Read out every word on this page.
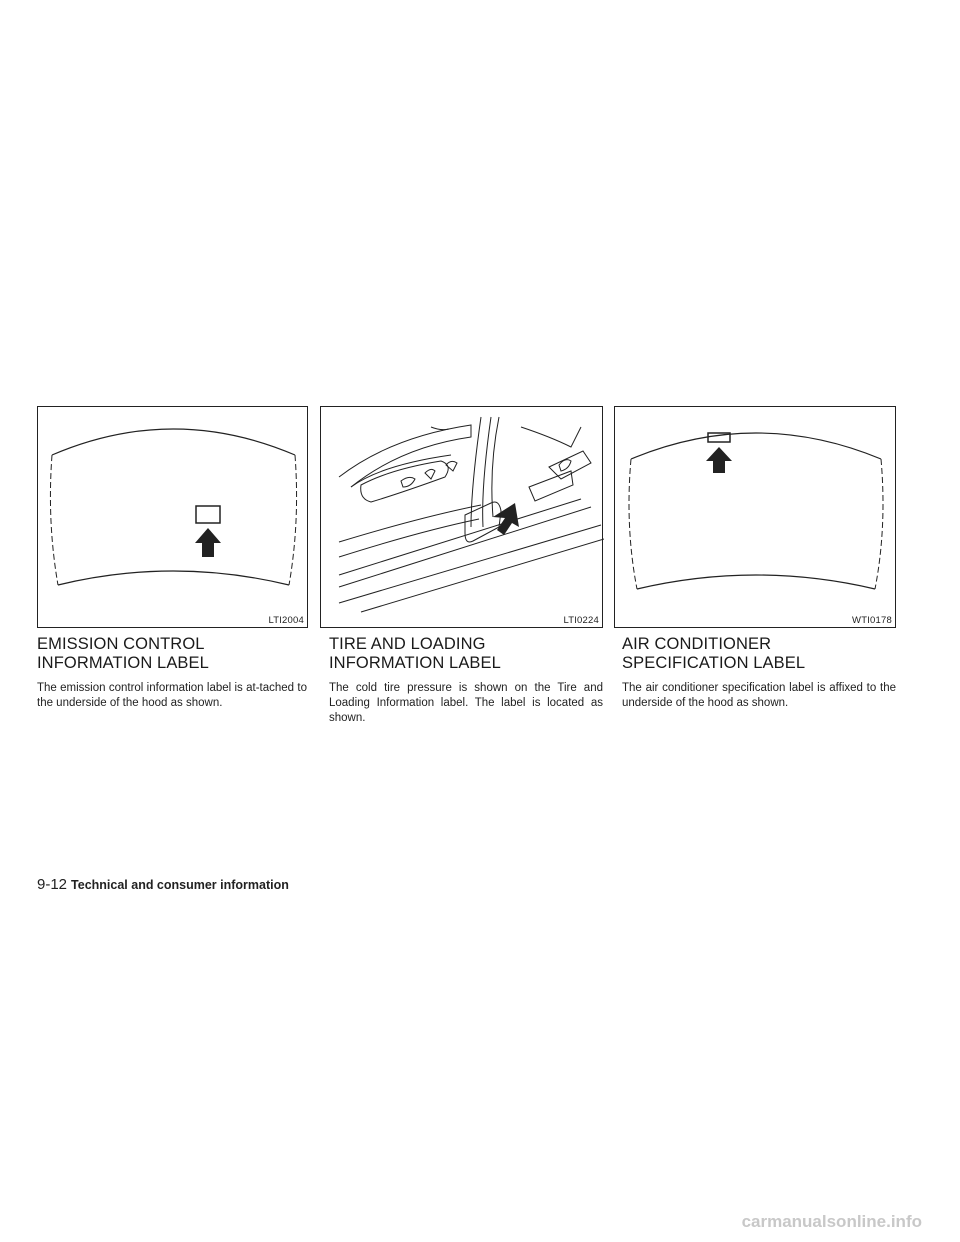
LTI2004	LTI0224	WTI0178
EMISSION CONTROL INFORMATION LABEL

The emission control information label is at-tached to the underside of the hood as shown.

TIRE AND LOADING INFORMATION LABEL

The cold tire pressure is shown on the Tire and Loading Information label. The label is located as shown.

AIR CONDITIONER SPECIFICATION LABEL

The air conditioner specification label is affixed to the underside of the hood as shown.

9-12 Technical and consumer information
carmanualsonline.info
